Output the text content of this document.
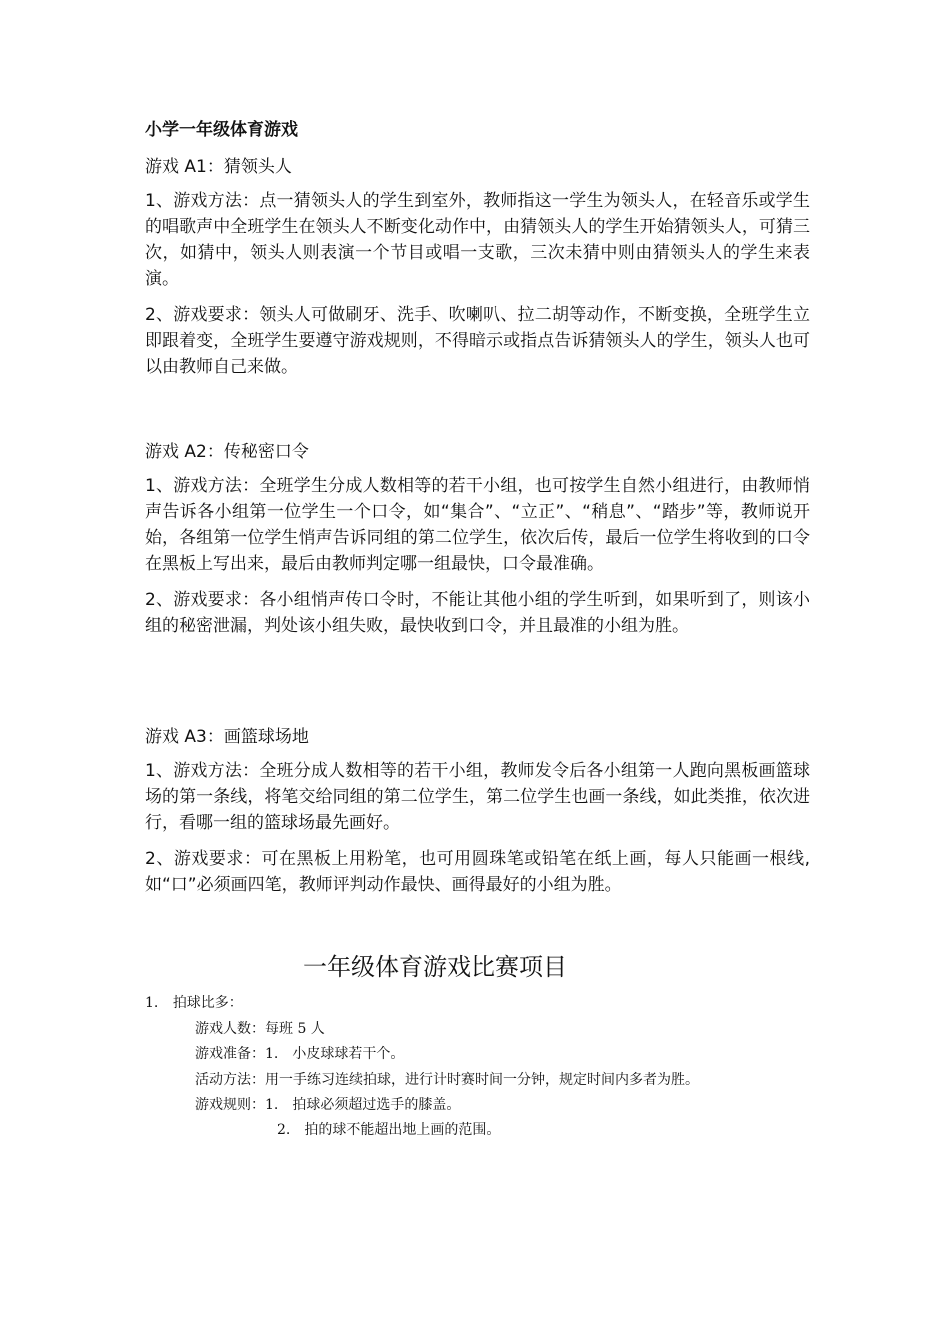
小学一年级体育游戏

游戏 A1：猜领头人

1、游戏方法：点一猜领头人的学生到室外，教师指这一学生为领头人，在轻音乐或学生的唱歌声中全班学生在领头人不断变化动作中，由猜领头人的学生开始猜领头人，可猜三次，如猜中，领头人则表演一个节目或唱一支歌，三次未猜中则由猜领头人的学生来表演。

2、游戏要求：领头人可做刷牙、洗手、吹喇叭、拉二胡等动作，不断变换，全班学生立即跟着变，全班学生要遵守游戏规则，不得暗示或指点告诉猜领头人的学生，领头人也可以由教师自己来做。

游戏 A2：传秘密口令

1、游戏方法：全班学生分成人数相等的若干小组，也可按学生自然小组进行，由教师悄声告诉各小组第一位学生一个口令，如“集合”、“立正”、“稍息”、“踏步”等，教师说开始，各组第一位学生悄声告诉同组的第二位学生，依次后传，最后一位学生将收到的口令在黑板上写出来，最后由教师判定哪一组最快，口令最准确。

2、游戏要求：各小组悄声传口令时，不能让其他小组的学生听到，如果听到了，则该小组的秘密泄漏，判处该小组失败，最快收到口令，并且最准的小组为胜。

游戏 A3：画篮球场地

1、游戏方法：全班分成人数相等的若干小组，教师发令后各小组第一人跑向黑板画篮球场的第一条线，将笔交给同组的第二位学生，第二位学生也画一条线，如此类推，依次进行，看哪一组的篮球场最先画好。

2、游戏要求：可在黑板上用粉笔，也可用圆珠笔或铅笔在纸上画，每人只能画一根线,如“口”必须画四笔，教师评判动作最快、画得最好的小组为胜。

一年级体育游戏比赛项目
1. 拍球比多：
游戏人数：每班 5 人
游戏准备：1. 小皮球球若干个。
活动方法：用一手练习连续拍球，进行计时赛时间一分钟，规定时间内多者为胜。
游戏规则：1. 拍球必须超过选手的膝盖。
2. 拍的球不能超出地上画的范围。
